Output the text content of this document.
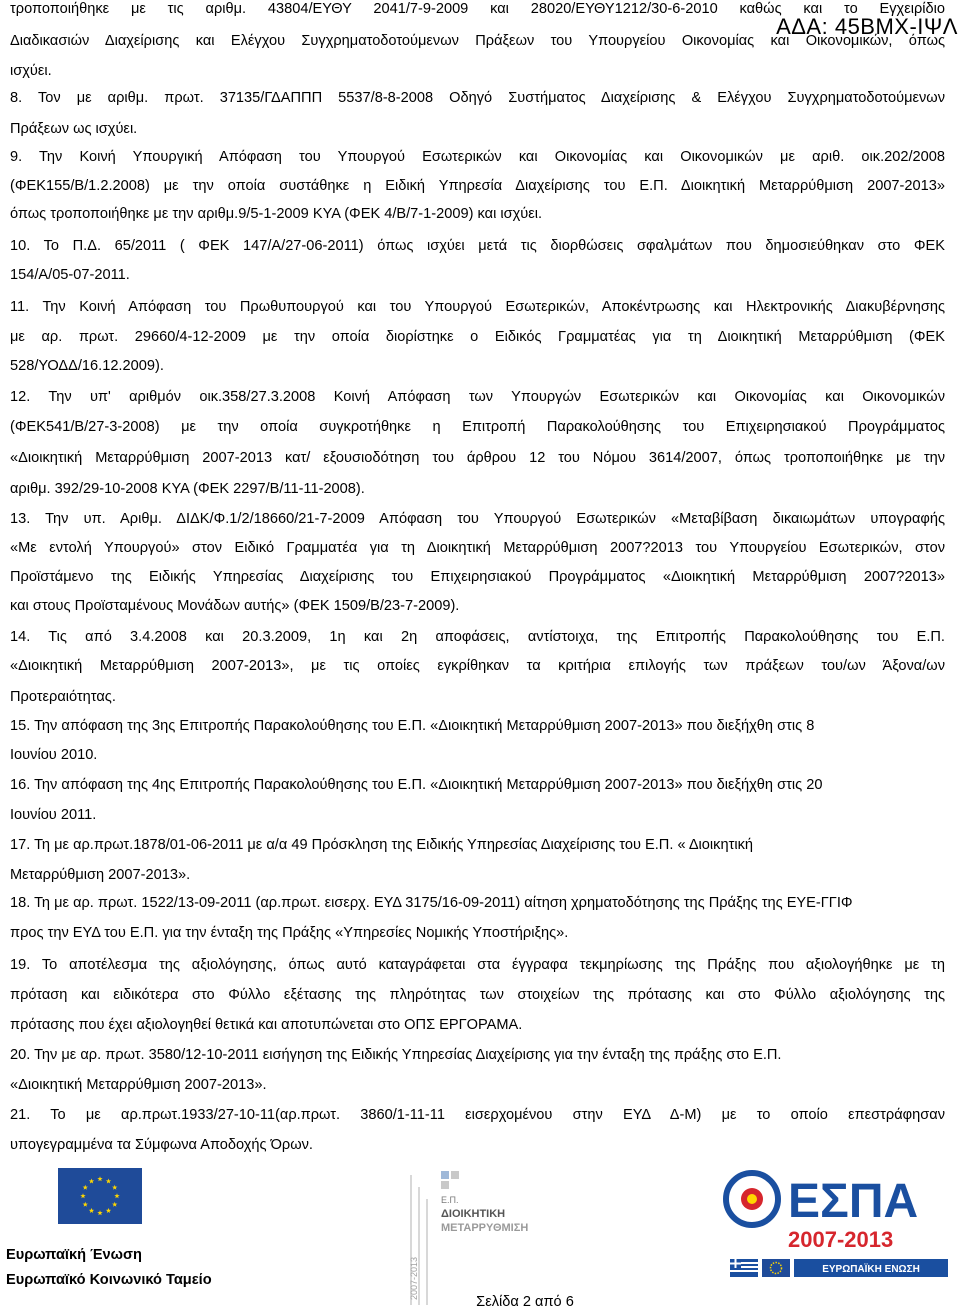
ΑΔΑ: 45ΒΜΧ-ΙΨΛ
τροποποιήθηκε με τις αριθμ. 43804/ΕΥΘΥ 2041/7-9-2009 και 28020/ΕΥΘΥ1212/30-6-2010 καθώς και το Εγχειρίδιο
Διαδικασιών Διαχείρισης και Ελέγχου Συγχρηματοδοτούμενων Πράξεων του Υπουργείου Οικονομίας και Οικονομικών, όπως
ισχύει.
8. Τον με αριθμ. πρωτ. 37135/ΓΔΑΠΠΠ 5537/8-8-2008 Οδηγό Συστήματος Διαχείρισης & Ελέγχου Συγχρηματοδοτούμενων
Πράξεων ως ισχύει.
9. Την Κοινή Υπουργική Απόφαση του Υπουργού Εσωτερικών και Οικονομίας και Οικονομικών με αριθ. οικ.202/2008
(ΦΕΚ155/Β/1.2.2008) με την οποία συστάθηκε η Ειδική Υπηρεσία Διαχείρισης του Ε.Π. Διοικητική Μεταρρύθμιση 2007-2013»
όπως τροποποιήθηκε με την αριθμ.9/5-1-2009 ΚΥΑ (ΦΕΚ 4/Β/7-1-2009) και ισχύει.
10. Το Π.Δ. 65/2011 ( ΦΕΚ 147/Α/27-06-2011) όπως ισχύει μετά τις διορθώσεις σφαλμάτων που δημοσιεύθηκαν στο ΦΕΚ
154/Α/05-07-2011.
11. Την Κοινή Απόφαση του Πρωθυπουργού και του Υπουργού Εσωτερικών, Αποκέντρωσης και Ηλεκτρονικής Διακυβέρνησης
με αρ. πρωτ. 29660/4-12-2009 με την οποία διορίστηκε ο Ειδικός Γραμματέας για τη Διοικητική Μεταρρύθμιση (ΦΕΚ
528/ΥΟΔΔ/16.12.2009).
12. Την υπ' αριθμόν οικ.358/27.3.2008 Κοινή Απόφαση των Υπουργών Εσωτερικών και Οικονομίας και Οικονομικών
(ΦΕΚ541/Β/27-3-2008) με την οποία συγκροτήθηκε η Επιτροπή Παρακολούθησης του Επιχειρησιακού Προγράμματος
«Διοικητική Μεταρρύθμιση 2007-2013 κατ/ εξουσιοδότηση του άρθρου 12 του Νόμου 3614/2007, όπως τροποποιήθηκε με την
αριθμ. 392/29-10-2008 ΚΥΑ (ΦΕΚ 2297/Β/11-11-2008).
13. Την υπ. Αριθμ. ΔΙΔΚ/Φ.1/2/18660/21-7-2009 Απόφαση του Υπουργού Εσωτερικών «Μεταβίβαση δικαιωμάτων υπογραφής
«Με εντολή Υπουργού» στον Ειδικό Γραμματέα για τη Διοικητική Μεταρρύθμιση 2007?2013 του Υπουργείου Εσωτερικών, στον
Προϊστάμενο της Ειδικής Υπηρεσίας Διαχείρισης του Επιχειρησιακού Προγράμματος «Διοικητική Μεταρρύθμιση 2007?2013»
και στους Προϊσταμένους Μονάδων αυτής» (ΦΕΚ 1509/Β/23-7-2009).
14. Τις από 3.4.2008 και 20.3.2009, 1η και 2η αποφάσεις, αντίστοιχα, της Επιτροπής Παρακολούθησης του Ε.Π.
«Διοικητική Μεταρρύθμιση 2007-2013», με τις οποίες εγκρίθηκαν τα κριτήρια επιλογής των πράξεων του/ων Άξονα/ων
Προτεραιότητας.
15. Την απόφαση της 3ης Επιτροπής Παρακολούθησης του Ε.Π. «Διοικητική Μεταρρύθμιση 2007-2013» που διεξήχθη στις 8
Ιουνίου 2010.
16. Την απόφαση της 4ης Επιτροπής Παρακολούθησης του Ε.Π. «Διοικητική Μεταρρύθμιση 2007-2013» που διεξήχθη στις 20
Ιουνίου 2011.
17. Τη με αρ.πρωτ.1878/01-06-2011 με α/α 49 Πρόσκληση της Ειδικής Υπηρεσίας Διαχείρισης του Ε.Π. « Διοικητική
Μεταρρύθμιση 2007-2013».
18. Τη με αρ. πρωτ. 1522/13-09-2011 (αρ.πρωτ. εισερχ. ΕΥΔ 3175/16-09-2011) αίτηση χρηματοδότησης της Πράξης της ΕΥΕ-ΓΓΙΦ
προς την ΕΥΔ του Ε.Π. για την ένταξη της Πράξης «Υπηρεσίες Νομικής Υποστήριξης».
19. Το αποτέλεσμα της αξιολόγησης, όπως αυτό καταγράφεται στα έγγραφα τεκμηρίωσης της Πράξης που αξιολογήθηκε με τη
πρόταση και ειδικότερα στο Φύλλο εξέτασης της πληρότητας των στοιχείων της πρότασης και στο Φύλλο αξιολόγησης της
πρότασης που έχει αξιολογηθεί θετικά και αποτυπώνεται στο ΟΠΣ ΕΡΓΟΡΑΜΑ.
20. Την με αρ. πρωτ. 3580/12-10-2011 εισήγηση της Ειδικής Υπηρεσίας Διαχείρισης για την ένταξη της πράξης στο Ε.Π.
«Διοικητική Μεταρρύθμιση 2007-2013».
21. Το με αρ.πρωτ.1933/27-10-11(αρ.πρωτ. 3860/1-11-11 εισερχομένου στην ΕΥΔ Δ-Μ) με το οποίο επεστράφησαν
υπογεγραμμένα τα Σύμφωνα Αποδοχής Όρων.
Ευρωπαϊκή Ένωση
Ευρωπαϊκό Κοινωνικό Ταμείο
Ε.Π.
ΔΙΟΙΚΗΤΙΚΗ
ΜΕΤΑΡΡΥΘΜΙΣΗ
2007-2013
ΕΣΠΑ
2007-2013
ΕΥΡΩΠΑΪΚΗ ΕΝΩΣΗ
Σελίδα 2 από 6
